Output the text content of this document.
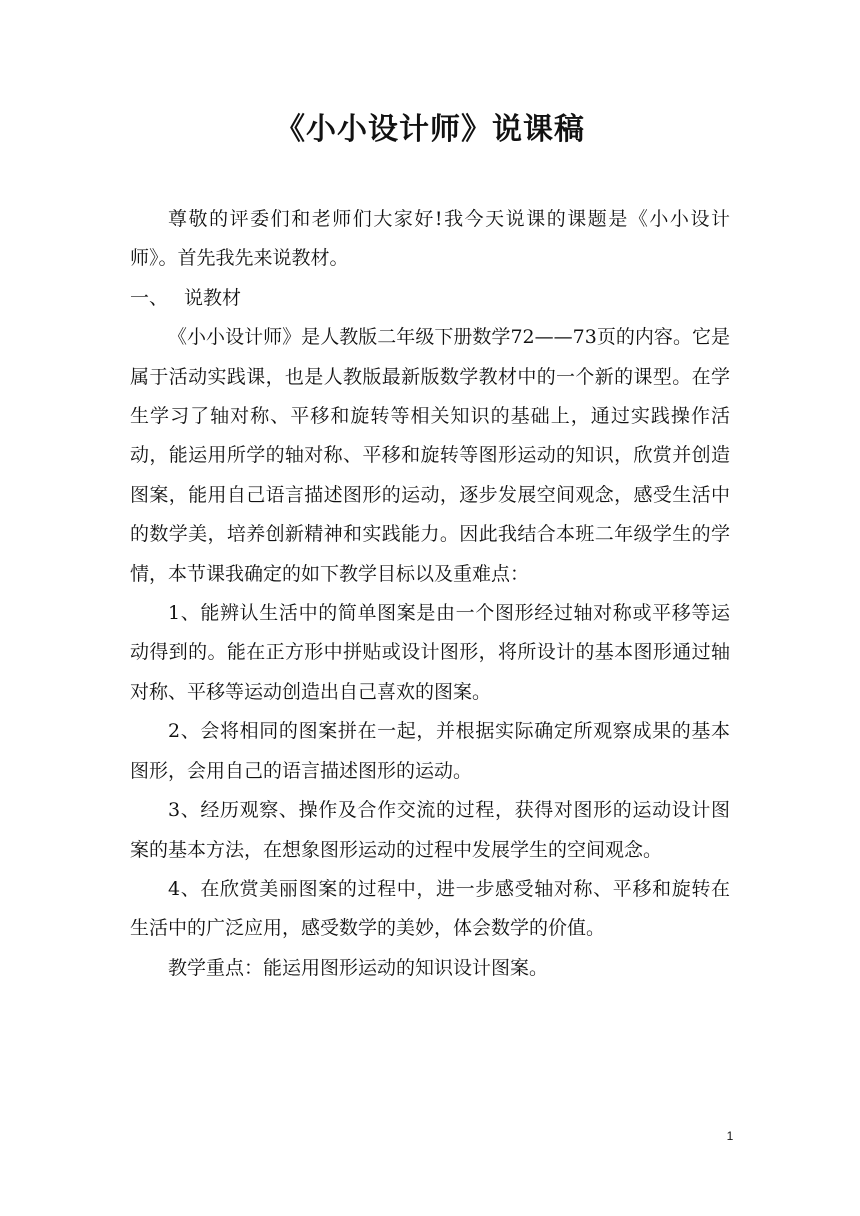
《小小设计师》说课稿

尊敬的评委们和老师们大家好!我今天说课的课题是《小小设计师》。首先我先来说教材。

一、 说教材

《小小设计师》是人教版二年级下册数学72——73页的内容。它是属于活动实践课，也是人教版最新版数学教材中的一个新的课型。在学生学习了轴对称、平移和旋转等相关知识的基础上，通过实践操作活动，能运用所学的轴对称、平移和旋转等图形运动的知识，欣赏并创造图案，能用自己语言描述图形的运动，逐步发展空间观念，感受生活中的数学美，培养创新精神和实践能力。因此我结合本班二年级学生的学情，本节课我确定的如下教学目标以及重难点：

1、能辨认生活中的简单图案是由一个图形经过轴对称或平移等运动得到的。能在正方形中拼贴或设计图形，将所设计的基本图形通过轴对称、平移等运动创造出自己喜欢的图案。

2、会将相同的图案拼在一起，并根据实际确定所观察成果的基本图形，会用自己的语言描述图形的运动。

3、经历观察、操作及合作交流的过程，获得对图形的运动设计图案的基本方法，在想象图形运动的过程中发展学生的空间观念。

4、在欣赏美丽图案的过程中，进一步感受轴对称、平移和旋转在生活中的广泛应用，感受数学的美妙，体会数学的价值。

教学重点：能运用图形运动的知识设计图案。

1
